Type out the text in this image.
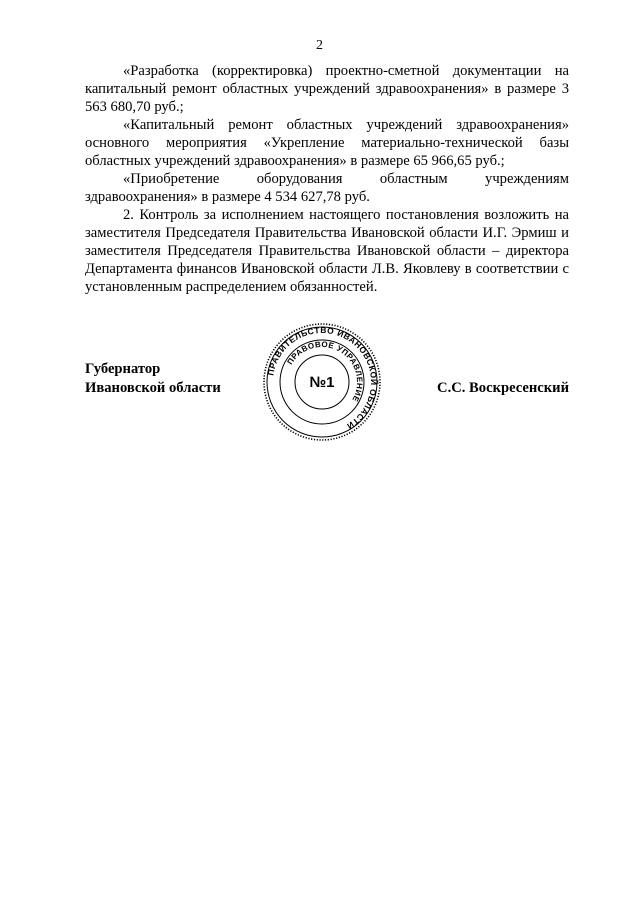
2

«Разработка (корректировка) проектно-сметной документации на капитальный ремонт областных учреждений здравоохранения» в размере 3 563 680,70 руб.;

«Капитальный ремонт областных учреждений здравоохранения» основного мероприятия «Укрепление материально-технической базы областных учреждений здравоохранения» в размере 65 966,65 руб.;

«Приобретение оборудования областным учреждениям здравоохранения» в размере 4 534 627,78 руб.

2. Контроль за исполнением настоящего постановления возложить на заместителя Председателя Правительства Ивановской области И.Г. Эрмиш и заместителя Председателя Правительства Ивановской области – директора Департамента финансов Ивановской области Л.В. Яковлеву в соответствии с установленным распределением обязанностей.

Губернатор
Ивановской области
ПРАВИТЕЛЬСТВО ИВАНОВСКОЙ ОБЛАСТИ
ПРАВОВОЕ УПРАВЛЕНИЕ
№1	С.С. Воскресенский
